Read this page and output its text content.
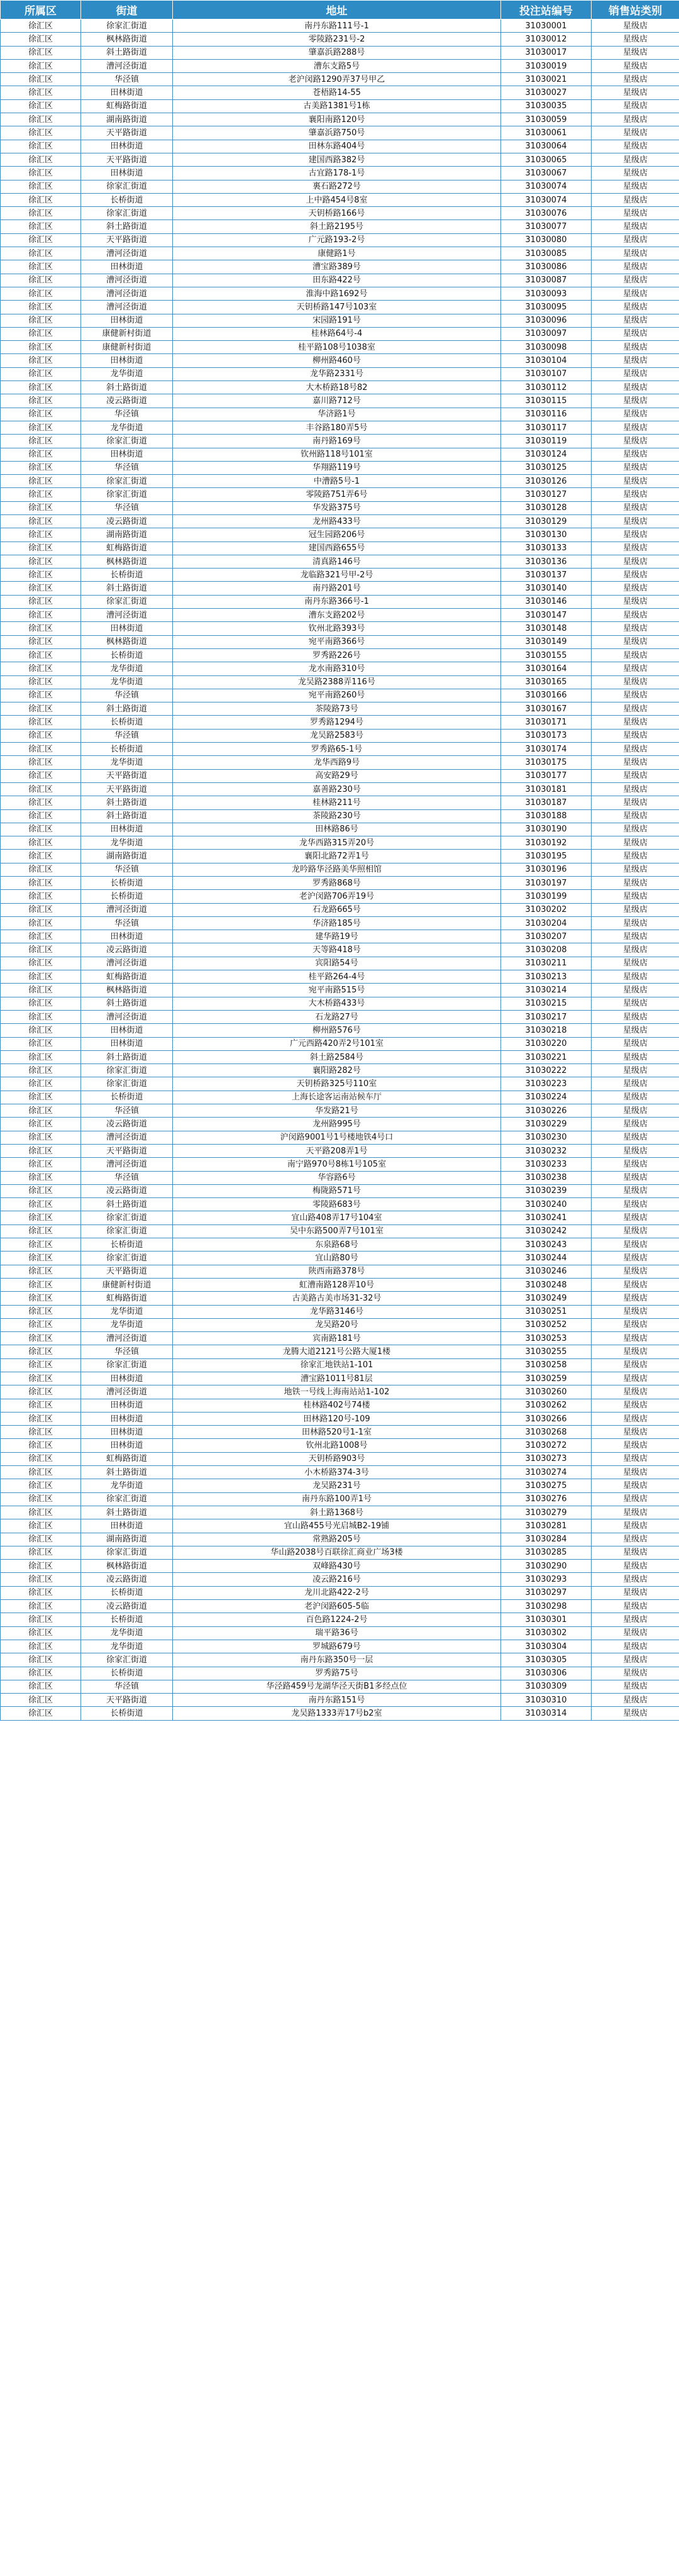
所属区	街道	地址	投注站编号	销售站类别
徐汇区	徐家汇街道	南丹东路111号-1	31030001	星级店
徐汇区	枫林路街道	零陵路231号-2	31030012	星级店
徐汇区	斜土路街道	肇嘉浜路288号	31030017	星级店
徐汇区	漕河泾街道	漕东支路5号	31030019	星级店
徐汇区	华泾镇	老沪闵路1290弄37号甲乙	31030021	星级店
徐汇区	田林街道	苍梧路14-55	31030027	星级店
徐汇区	虹梅路街道	古美路1381号1栋	31030035	星级店
徐汇区	湖南路街道	襄阳南路120号	31030059	星级店
徐汇区	天平路街道	肇嘉浜路750号	31030061	星级店
徐汇区	田林街道	田林东路404号	31030064	星级店
徐汇区	天平路街道	建国西路382号	31030065	星级店
徐汇区	田林街道	古宜路178-1号	31030067	星级店
徐汇区	徐家汇街道	裏石路272号	31030074	星级店
徐汇区	长桥街道	上中路454号8室	31030074	星级店
徐汇区	徐家汇街道	天钥桥路166号	31030076	星级店
徐汇区	斜土路街道	斜土路2195号	31030077	星级店
徐汇区	天平路街道	广元路193-2号	31030080	星级店
徐汇区	漕河泾街道	康健路1号	31030085	星级店
徐汇区	田林街道	漕宝路389号	31030086	星级店
徐汇区	漕河泾街道	田东路422号	31030087	星级店
徐汇区	漕河泾街道	淮海中路1692号	31030093	星级店
徐汇区	漕河泾街道	天钥桥路147号103室	31030095	星级店
徐汇区	田林街道	宋园路191号	31030096	星级店
徐汇区	康健新村街道	桂林路64号-4	31030097	星级店
徐汇区	康健新村街道	桂平路108号1038室	31030098	星级店
徐汇区	田林街道	柳州路460号	31030104	星级店
徐汇区	龙华街道	龙华路2331号	31030107	星级店
徐汇区	斜土路街道	大木桥路18号82	31030112	星级店
徐汇区	凌云路街道	嘉川路712号	31030115	星级店
徐汇区	华泾镇	华济路1号	31030116	星级店
徐汇区	龙华街道	丰谷路180弄5号	31030117	星级店
徐汇区	徐家汇街道	南丹路169号	31030119	星级店
徐汇区	田林街道	钦州路118号101室	31030124	星级店
徐汇区	华泾镇	华翔路119号	31030125	星级店
徐汇区	徐家汇街道	中漕路5号-1	31030126	星级店
徐汇区	徐家汇街道	零陵路751弄6号	31030127	星级店
徐汇区	华泾镇	华发路375号	31030128	星级店
徐汇区	凌云路街道	龙州路433号	31030129	星级店
徐汇区	湖南路街道	冠生园路206号	31030130	星级店
徐汇区	虹梅路街道	建国西路655号	31030133	星级店
徐汇区	枫林路街道	清真路146号	31030136	星级店
徐汇区	长桥街道	龙临路321号甲-2号	31030137	星级店
徐汇区	斜土路街道	南丹路201号	31030140	星级店
徐汇区	徐家汇街道	南丹东路366号-1	31030146	星级店
徐汇区	漕河泾街道	漕东支路202号	31030147	星级店
徐汇区	田林街道	钦州北路393号	31030148	星级店
徐汇区	枫林路街道	宛平南路366号	31030149	星级店
徐汇区	长桥街道	罗秀路226号	31030155	星级店
徐汇区	龙华街道	龙水南路310号	31030164	星级店
徐汇区	龙华街道	龙吴路2388弄116号	31030165	星级店
徐汇区	华泾镇	宛平南路260号	31030166	星级店
徐汇区	斜土路街道	茶陵路73号	31030167	星级店
徐汇区	长桥街道	罗秀路1294号	31030171	星级店
徐汇区	华泾镇	龙吴路2583号	31030173	星级店
徐汇区	长桥街道	罗秀路65-1号	31030174	星级店
徐汇区	龙华街道	龙华西路9号	31030175	星级店
徐汇区	天平路街道	高安路29号	31030177	星级店
徐汇区	天平路街道	嘉善路230号	31030181	星级店
徐汇区	斜土路街道	桂林路211号	31030187	星级店
徐汇区	斜土路街道	茶陵路230号	31030188	星级店
徐汇区	田林街道	田林路86号	31030190	星级店
徐汇区	龙华街道	龙华西路315弄20号	31030192	星级店
徐汇区	湖南路街道	襄阳北路72弄1号	31030195	星级店
徐汇区	华泾镇	龙吟路华泾路美华照相馆	31030196	星级店
徐汇区	长桥街道	罗秀路868号	31030197	星级店
徐汇区	长桥街道	老沪闵路706弄19号	31030199	星级店
徐汇区	漕河泾街道	石龙路665号	31030202	星级店
徐汇区	华泾镇	华济路185号	31030204	星级店
徐汇区	田林街道	建华路19号	31030207	星级店
徐汇区	凌云路街道	天等路418号	31030208	星级店
徐汇区	漕河泾街道	宾阳路54号	31030211	星级店
徐汇区	虹梅路街道	桂平路264-4号	31030213	星级店
徐汇区	枫林路街道	宛平南路515号	31030214	星级店
徐汇区	斜土路街道	大木桥路433号	31030215	星级店
徐汇区	漕河泾街道	石龙路27号	31030217	星级店
徐汇区	田林街道	柳州路576号	31030218	星级店
徐汇区	田林街道	广元西路420弄2号101室	31030220	星级店
徐汇区	斜土路街道	斜土路2584号	31030221	星级店
徐汇区	徐家汇街道	襄阳路282号	31030222	星级店
徐汇区	徐家汇街道	天钥桥路325号110室	31030223	星级店
徐汇区	长桥街道	上海长途客运南站候车厅	31030224	星级店
徐汇区	华泾镇	华发路21号	31030226	星级店
徐汇区	凌云路街道	龙州路995号	31030229	星级店
徐汇区	漕河泾街道	沪闵路9001号1号楼地铁4号口	31030230	星级店
徐汇区	天平路街道	天平路208弄1号	31030232	星级店
徐汇区	漕河泾街道	南宁路970号8栋1号105室	31030233	星级店
徐汇区	华泾镇	华容路6号	31030238	星级店
徐汇区	凌云路街道	梅陇路571号	31030239	星级店
徐汇区	斜土路街道	零陵路683号	31030240	星级店
徐汇区	徐家汇街道	宜山路408弄17号104室	31030241	星级店
徐汇区	徐家汇街道	吴中东路500弄7号101室	31030242	星级店
徐汇区	长桥街道	东泉路68号	31030243	星级店
徐汇区	徐家汇街道	宜山路80号	31030244	星级店
徐汇区	天平路街道	陕西南路378号	31030246	星级店
徐汇区	康健新村街道	虹漕南路128弄10号	31030248	星级店
徐汇区	虹梅路街道	古美路古美市场31-32号	31030249	星级店
徐汇区	龙华街道	龙华路3146号	31030251	星级店
徐汇区	龙华街道	龙吴路20号	31030252	星级店
徐汇区	漕河泾街道	宾南路181号	31030253	星级店
徐汇区	华泾镇	龙腾大道2121号公路大厦1楼	31030255	星级店
徐汇区	徐家汇街道	徐家汇地铁站1-101	31030258	星级店
徐汇区	田林街道	漕宝路1011号81层	31030259	星级店
徐汇区	漕河泾街道	地铁一号线上海南站站1-102	31030260	星级店
徐汇区	田林街道	桂林路402号74楼	31030262	星级店
徐汇区	田林街道	田林路120号-109	31030266	星级店
徐汇区	田林街道	田林路520号1-1室	31030268	星级店
徐汇区	田林街道	钦州北路1008号	31030272	星级店
徐汇区	虹梅路街道	天钥桥路903号	31030273	星级店
徐汇区	斜土路街道	小木桥路374-3号	31030274	星级店
徐汇区	龙华街道	龙吴路231号	31030275	星级店
徐汇区	徐家汇街道	南丹东路100弄1号	31030276	星级店
徐汇区	斜土路街道	斜土路1368号	31030279	星级店
徐汇区	田林街道	宜山路455号光启城B2-19铺	31030281	星级店
徐汇区	湖南路街道	常熟路205号	31030284	星级店
徐汇区	徐家汇街道	华山路2038号百联徐汇商业广场3楼	31030285	星级店
徐汇区	枫林路街道	双峰路430号	31030290	星级店
徐汇区	凌云路街道	凌云路216号	31030293	星级店
徐汇区	长桥街道	龙川北路422-2号	31030297	星级店
徐汇区	凌云路街道	老沪闵路605-5临	31030298	星级店
徐汇区	长桥街道	百色路1224-2号	31030301	星级店
徐汇区	龙华街道	瑞平路36号	31030302	星级店
徐汇区	龙华街道	罗城路679号	31030304	星级店
徐汇区	徐家汇街道	南丹东路350号一层	31030305	星级店
徐汇区	长桥街道	罗秀路75号	31030306	星级店
徐汇区	华泾镇	华泾路459号龙湖华泾天街B1多经点位	31030309	星级店
徐汇区	天平路街道	南丹东路151号	31030310	星级店
徐汇区	长桥街道	龙吴路1333弄17号b2室	31030314	星级店
